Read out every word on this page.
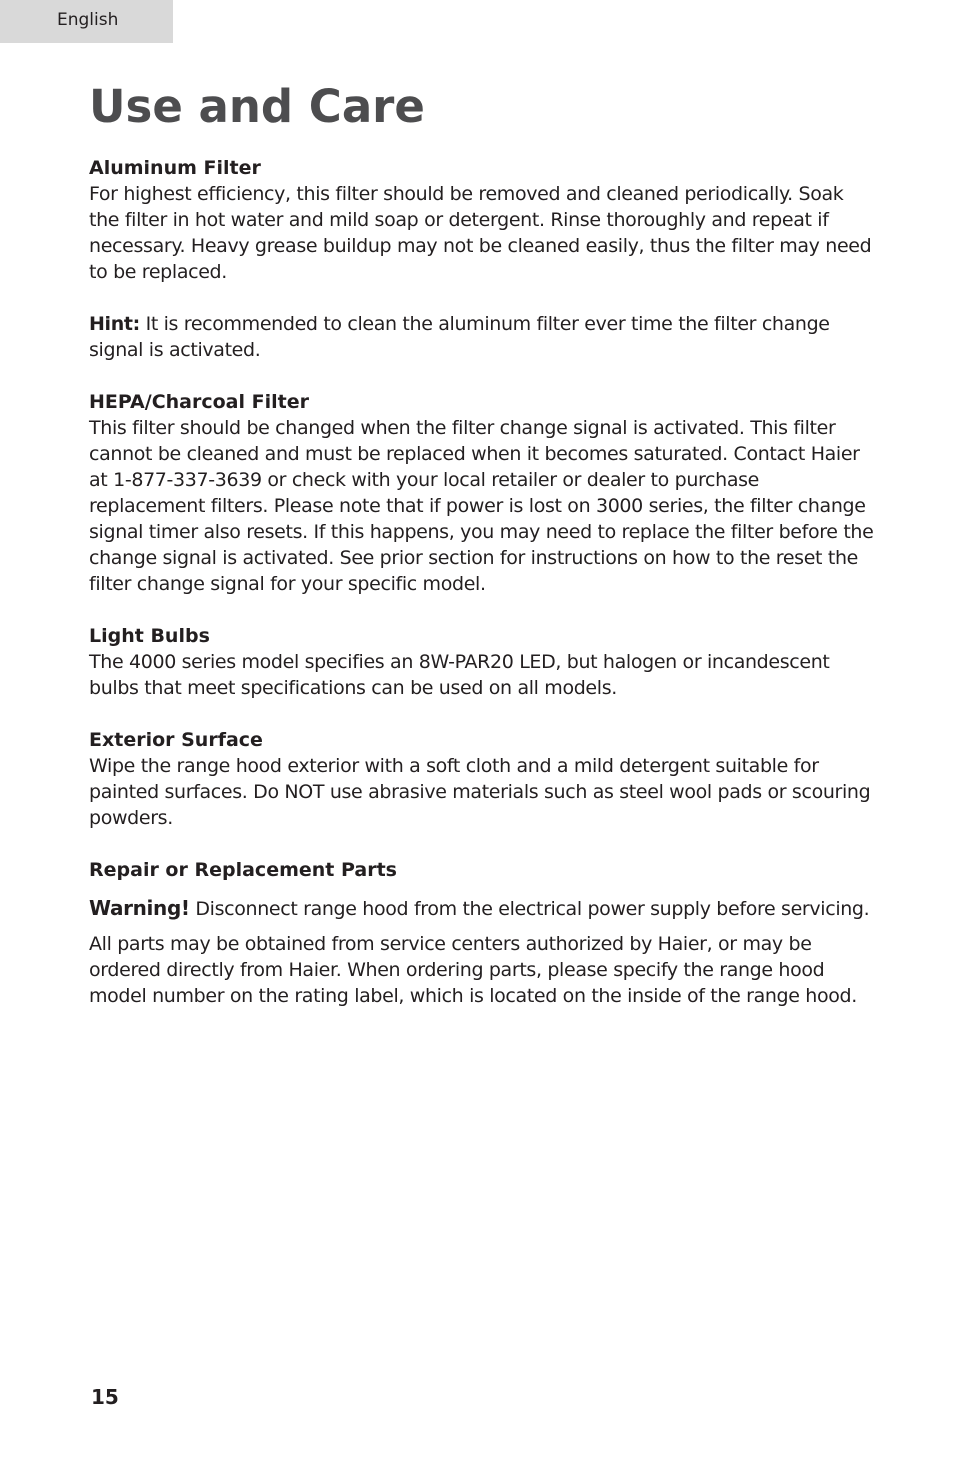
English
Use and Care

Aluminum Filter

For highest efficiency, this filter should be removed and cleaned periodically. Soak the filter in hot water and mild soap or detergent. Rinse thoroughly and repeat if necessary. Heavy grease buildup may not be cleaned easily, thus the filter may need to be replaced.

Hint: It is recommended to clean the aluminum filter ever time the filter change signal is activated.

HEPA/Charcoal Filter

This filter should be changed when the filter change signal is activated. This filter cannot be cleaned and must be replaced when it becomes saturated. Contact Haier at 1-877-337-3639 or check with your local retailer or dealer to purchase replacement filters. Please note that if power is lost on 3000 series, the filter change signal timer also resets. If this happens, you may need to replace the filter before the change signal is activated. See prior section for instructions on how to the reset the filter change signal for your specific model.

Light Bulbs

The 4000 series model specifies an 8W-PAR20 LED, but halogen or incandescent bulbs that meet specifications can be used on all models.

Exterior Surface

Wipe the range hood exterior with a soft cloth and a mild detergent suitable for painted surfaces. Do NOT use abrasive materials such as steel wool pads or scouring powders.

Repair or Replacement Parts

Warning! Disconnect range hood from the electrical power supply before servicing.

All parts may be obtained from service centers authorized by Haier, or may be ordered directly from Haier. When ordering parts, please specify the range hood model number on the rating label, which is located on the inside of the range hood.

15
